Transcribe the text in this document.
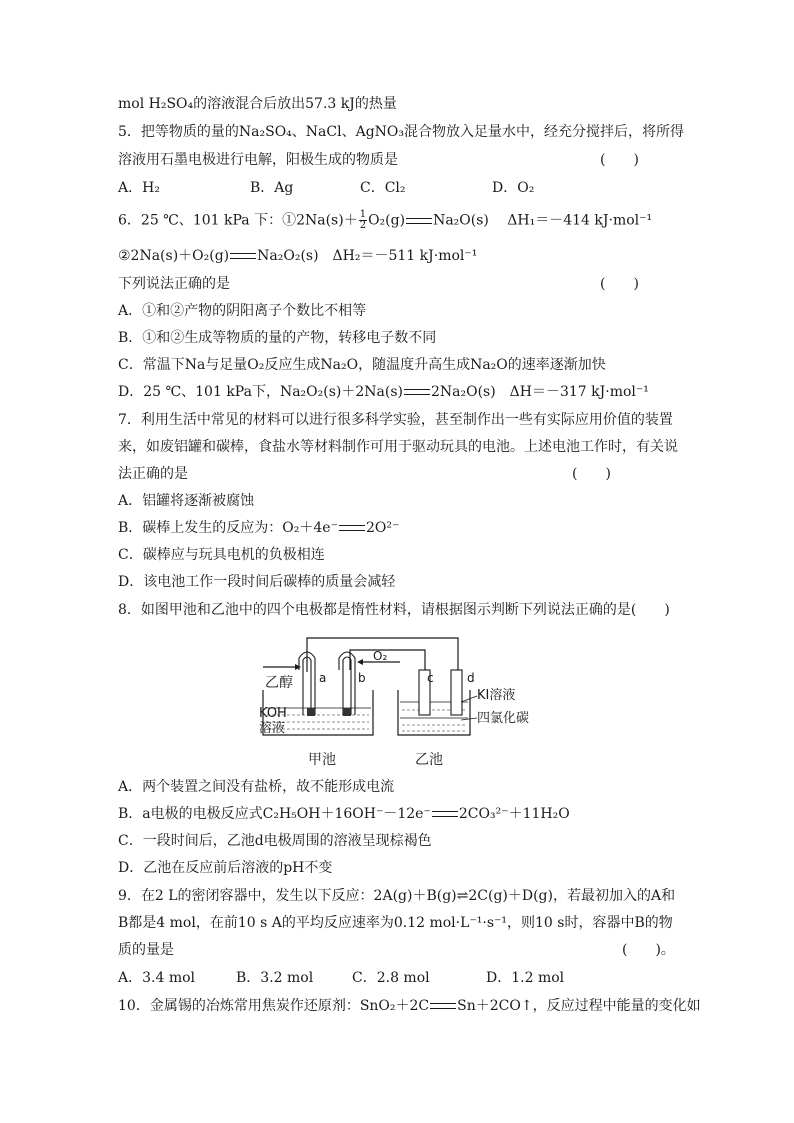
mol H₂SO₄的溶液混合后放出57.3 kJ的热量
5．把等物质的量的Na₂SO₄、NaCl、AgNO₃混合物放入足量水中，经充分搅拌后，将所得
溶液用石墨电极进行电解，阳极生成的物质是	(　　)
A．H₂	B．Ag	C．Cl₂	D．O₂
6．25 ℃、101 kPa 下：①2Na(s)＋ $\frac{1}{2} O_2(g)$ Na₂O(s)　 ΔH₁＝－414 kJ·mol⁻¹
②2Na(s)＋O₂(g) Na₂O₂(s)　ΔH₂＝－511 kJ·mol⁻¹
下列说法正确的是	(　　)
A．①和②产物的阴阳离子个数比不相等
B．①和②生成等物质的量的产物，转移电子数不同
C．常温下Na与足量O₂反应生成Na₂O，随温度升高生成Na₂O的速率逐渐加快
D．25 ℃、101 kPa下，Na₂O₂(s)＋2Na(s) 2Na₂O(s)　ΔH＝－317 kJ·mol⁻¹
7．利用生活中常见的材料可以进行很多科学实验，甚至制作出一些有实际应用价值的装置
来，如废铝罐和碳棒，食盐水等材料制作可用于驱动玩具的电池。上述电池工作时，有关说
法正确的是	(　　)
A．铝罐将逐渐被腐蚀
B．碳棒上发生的反应为：O₂＋4e⁻ 2O²⁻
C．碳棒应与玩具电机的负极相连
D．该电池工作一段时间后碳棒的质量会减轻
8．如图甲池和乙池中的四个电极都是惰性材料，请根据图示判断下列说法正确的是(　　)
乙醇
O₂
a	b	c	d
KOH
溶液
KI溶液
四氯化碳
甲池	乙池
A．两个装置之间没有盐桥，故不能形成电流
B．a电极的电极反应式C₂H₅OH＋16OH⁻－12e⁻ 2CO₃²⁻＋11H₂O
C．一段时间后，乙池d电极周围的溶液呈现棕褐色
D．乙池在反应前后溶液的pH不变
9．在2 L的密闭容器中，发生以下反应：2A(g)＋B(g)⇌2C(g)＋D(g)，若最初加入的A和
B都是4 mol，在前10 s A的平均反应速率为0.12 mol·L⁻¹·s⁻¹，则10 s时，容器中B的物
质的量是	(　　)。
A．3.4 mol	B．3.2 mol	C．2.8 mol	D．1.2 mol
10．金属锡的冶炼常用焦炭作还原剂：SnO₂＋2C Sn＋2CO↑，反应过程中能量的变化如
